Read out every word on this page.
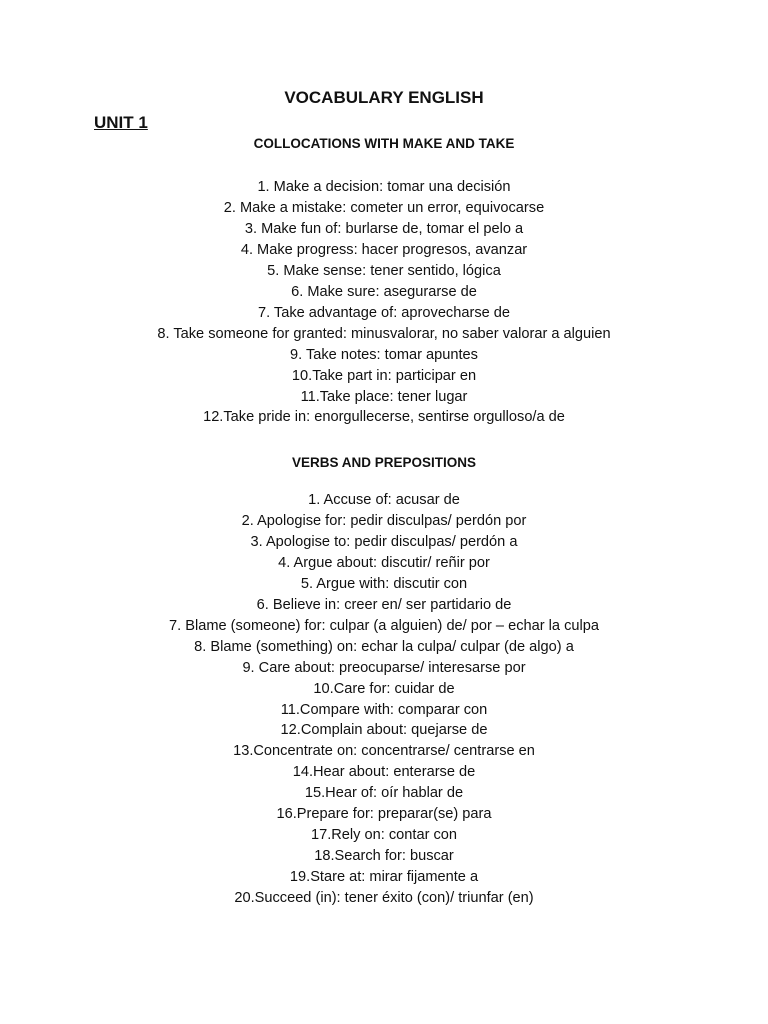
VOCABULARY ENGLISH
UNIT 1
COLLOCATIONS WITH MAKE AND TAKE
1. Make a decision: tomar una decisión
2. Make a mistake: cometer un error, equivocarse
3. Make fun of: burlarse de, tomar el pelo a
4. Make progress: hacer progresos, avanzar
5. Make sense: tener sentido, lógica
6. Make sure: asegurarse de
7. Take advantage of: aprovecharse de
8. Take someone for granted: minusvalorar, no saber valorar a alguien
9. Take notes: tomar apuntes
10.Take part in: participar en
11.Take place: tener lugar
12.Take pride in: enorgullecerse, sentirse orgulloso/a de
VERBS AND PREPOSITIONS
1. Accuse of: acusar de
2. Apologise for: pedir disculpas/ perdón por
3. Apologise to: pedir disculpas/ perdón a
4. Argue about: discutir/ reñir por
5. Argue with: discutir con
6. Believe in: creer en/ ser partidario de
7. Blame (someone) for: culpar (a alguien) de/ por – echar la culpa
8. Blame (something) on: echar la culpa/ culpar (de algo) a
9. Care about: preocuparse/ interesarse por
10.Care for: cuidar de
11.Compare with: comparar con
12.Complain about: quejarse de
13.Concentrate on: concentrarse/ centrarse en
14.Hear about: enterarse de
15.Hear of: oír hablar de
16.Prepare for: preparar(se) para
17.Rely on: contar con
18.Search for: buscar
19.Stare at: mirar fijamente a
20.Succeed (in): tener éxito (con)/ triunfar (en)
